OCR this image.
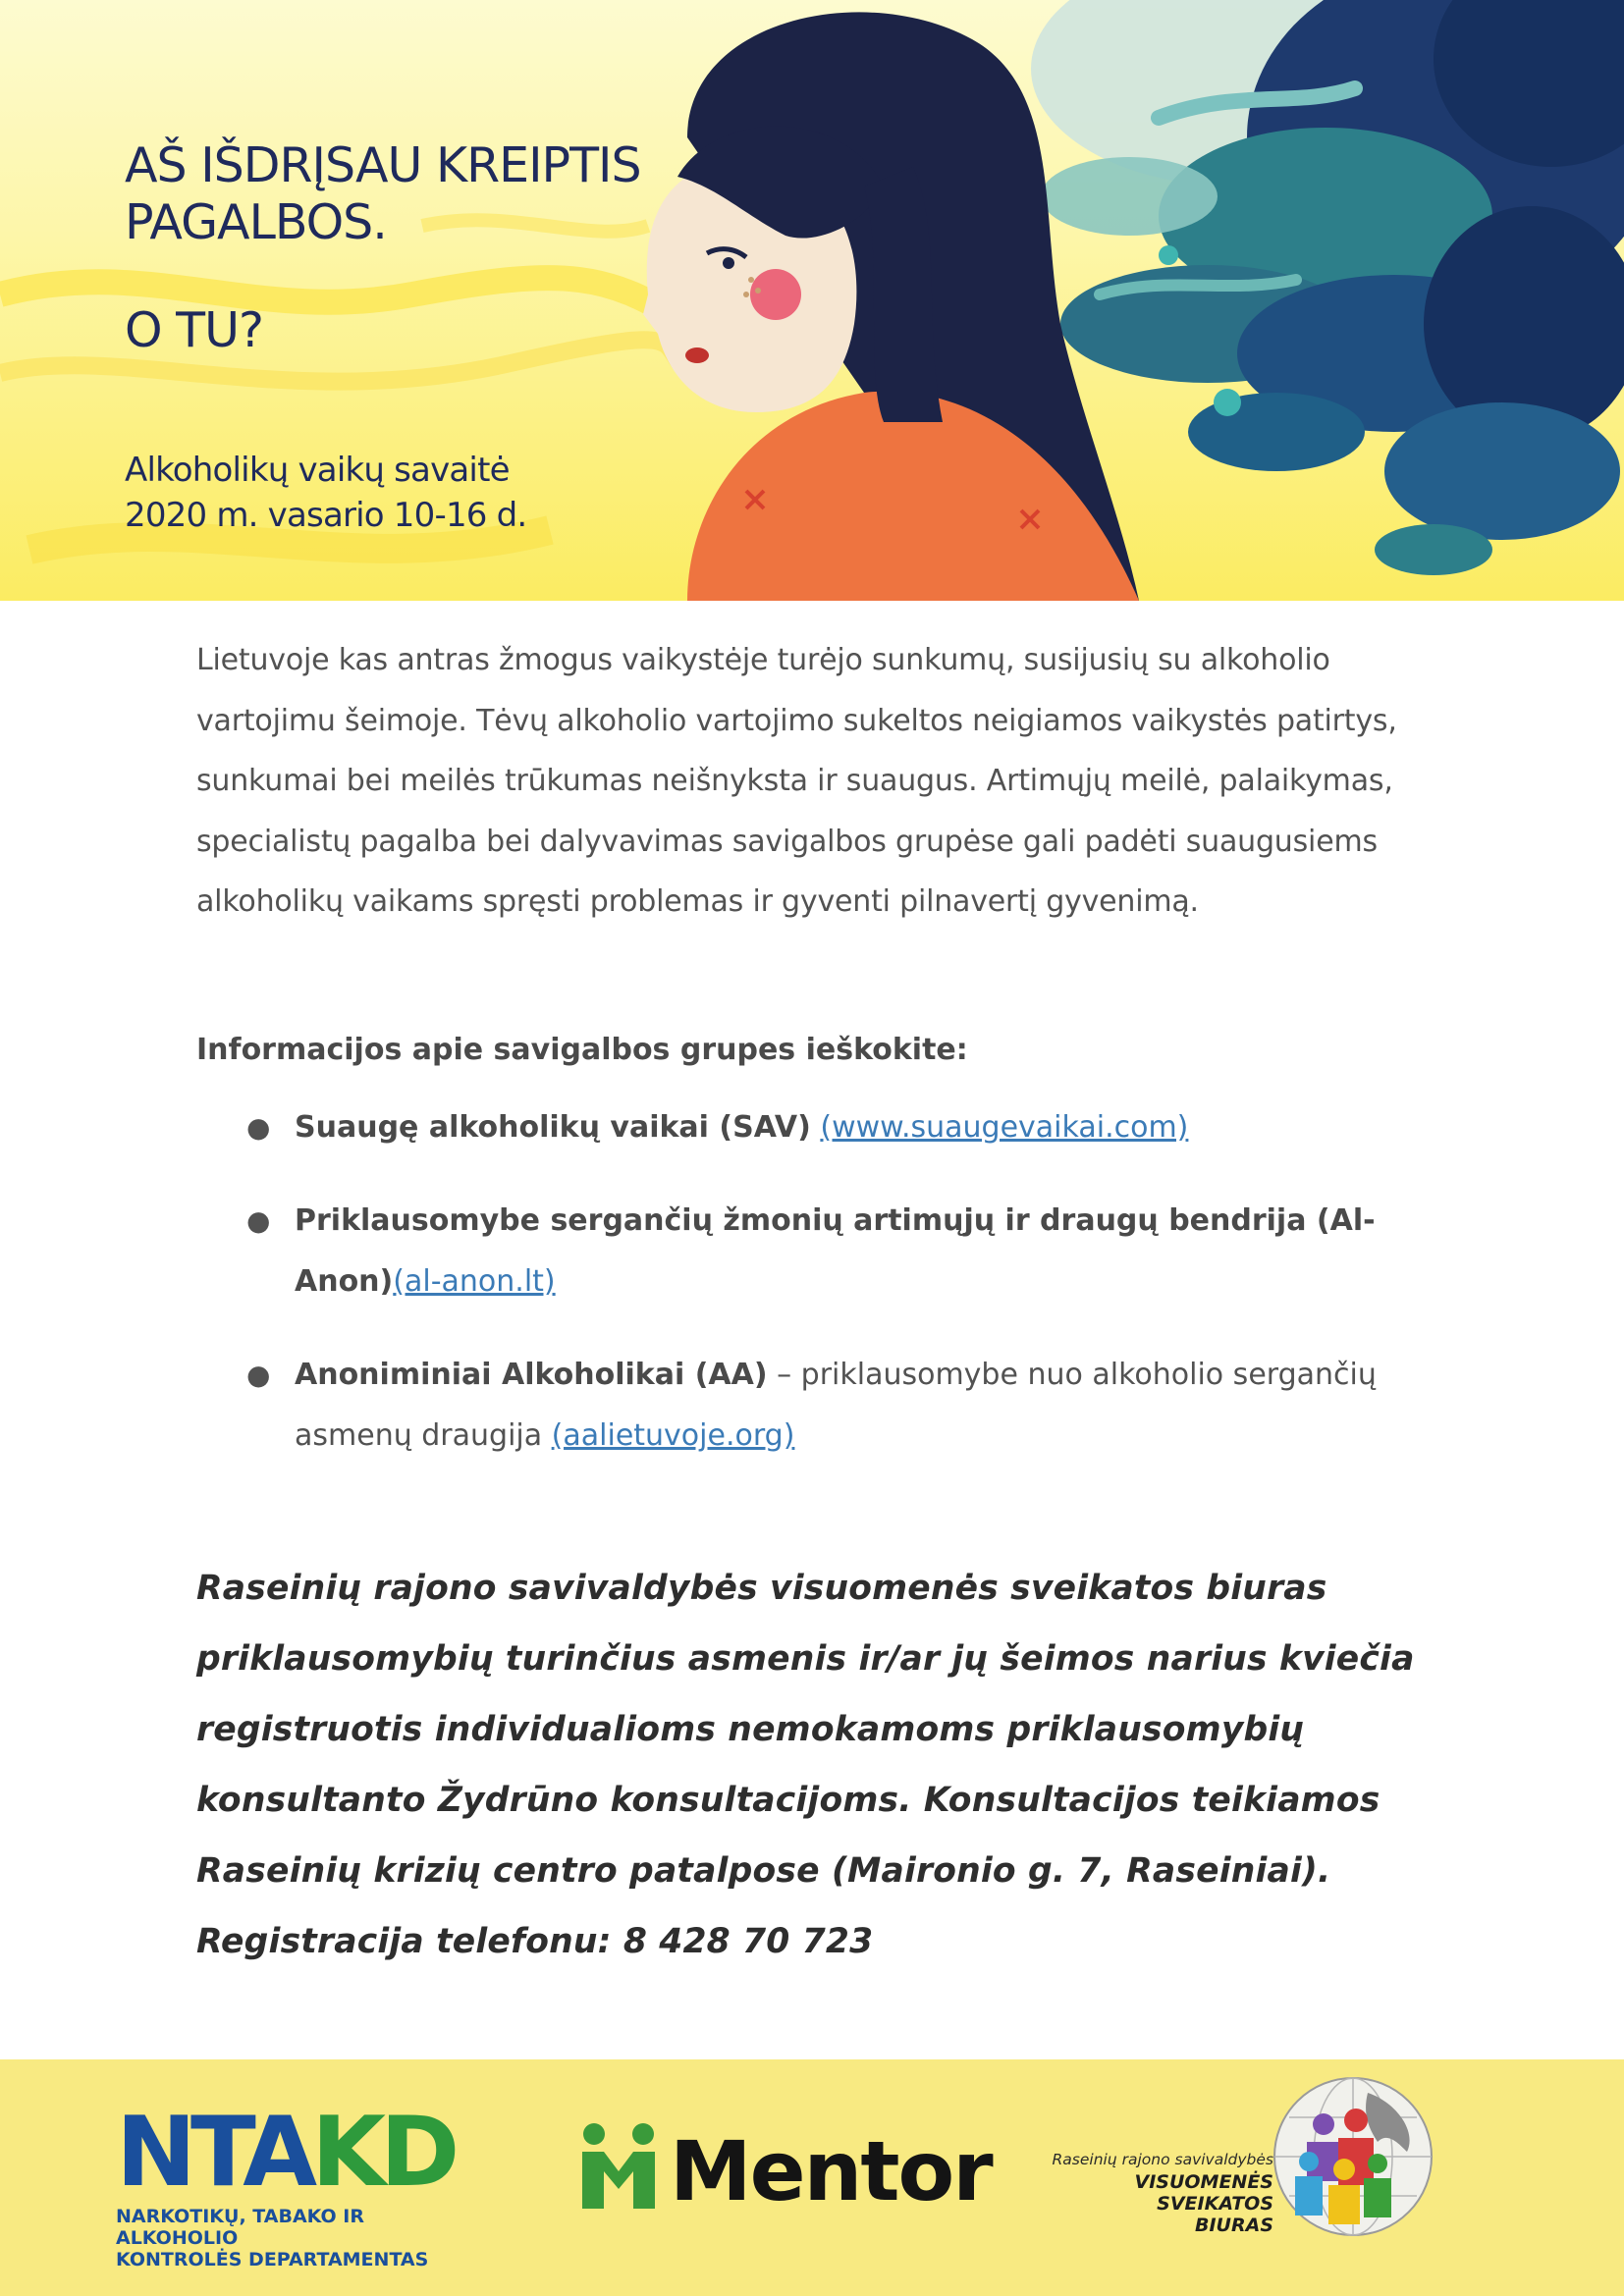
AŠ IŠDRĮSAU KREIPTIS
PAGALBOS.
O TU?
Alkoholikų vaikų savaitė
2020 m. vasario 10-16 d.

Lietuvoje kas antras žmogus vaikystėje turėjo sunkumų, susijusių su alkoholio vartojimu šeimoje. Tėvų alkoholio vartojimo sukeltos neigiamos vaikystės patirtys, sunkumai bei meilės trūkumas neišnyksta ir suaugus. Artimųjų meilė, palaikymas, specialistų pagalba bei dalyvavimas savigalbos grupėse gali padėti suaugusiems alkoholikų vaikams spręsti problemas ir gyventi pilnavertį gyvenimą.

Informacijos apie savigalbos grupes ieškokite:

● Suaugę alkoholikų vaikai (SAV) (www.suaugevaikai.com)
● Priklausomybe sergančių žmonių artimųjų ir draugų bendrija (Al-Anon)(al-anon.lt)
● Anoniminiai Alkoholikai (AA) – priklausomybe nuo alkoholio sergančių asmenų draugija (aalietuvoje.org)

Raseinių rajono savivaldybės visuomenės sveikatos biuras priklausomybių turinčius asmenis ir/ar jų šeimos narius kviečia registruotis individualioms nemokamoms priklausomybių konsultanto Žydrūno konsultacijoms. Konsultacijos teikiamos Raseinių krizių centro patalpose (Maironio g. 7, Raseiniai). Registracija telefonu: 8 428 70 723

NTAKD
NARKOTIKŲ, TABAKO IR ALKOHOLIO
KONTROLĖS DEPARTAMENTAS
Mentor	Raseinių rajono savivaldybės
VISUOMENĖS
SVEIKATOS
BIURAS
